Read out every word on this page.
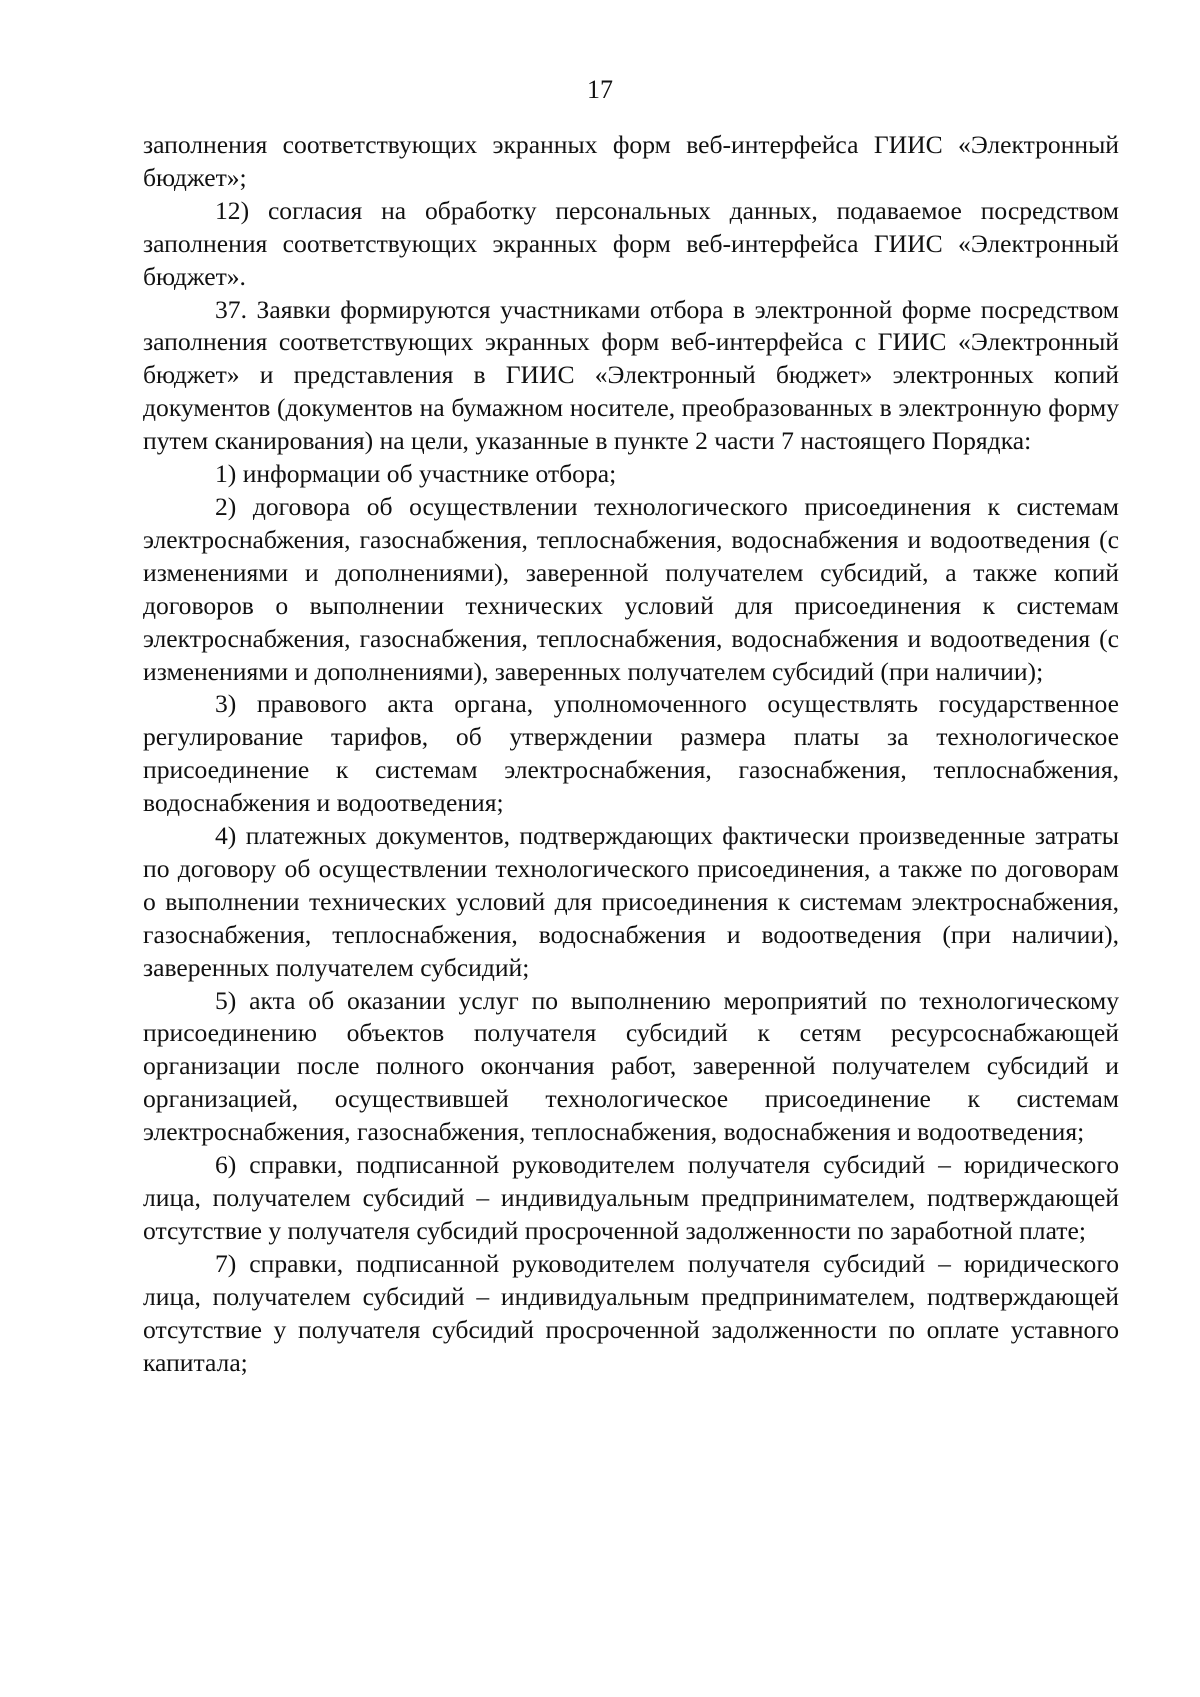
17

заполнения соответствующих экранных форм веб-интерфейса ГИИС «Электронный бюджет»;

12) согласия на обработку персональных данных, подаваемое посредством заполнения соответствующих экранных форм веб-интерфейса ГИИС «Электронный бюджет».

37. Заявки формируются участниками отбора в электронной форме посредством заполнения соответствующих экранных форм веб-интерфейса с ГИИС «Электронный бюджет» и представления в ГИИС «Электронный бюджет» электронных копий документов (документов на бумажном носителе, преобразованных в электронную форму путем сканирования) на цели, указанные в пункте 2 части 7 настоящего Порядка:

1) информации об участнике отбора;

2) договора об осуществлении технологического присоединения к системам электроснабжения, газоснабжения, теплоснабжения, водоснабжения и водоотведения (с изменениями и дополнениями), заверенной получателем субсидий, а также копий договоров о выполнении технических условий для присоединения к системам электроснабжения, газоснабжения, теплоснабжения, водоснабжения и водоотведения (с изменениями и дополнениями), заверенных получателем субсидий (при наличии);

3) правового акта органа, уполномоченного осуществлять государственное регулирование тарифов, об утверждении размера платы за технологическое присоединение к системам электроснабжения, газоснабжения, теплоснабжения, водоснабжения и водоотведения;

4) платежных документов, подтверждающих фактически произведенные затраты по договору об осуществлении технологического присоединения, а также по договорам о выполнении технических условий для присоединения к системам электроснабжения, газоснабжения, теплоснабжения, водоснабжения и водоотведения (при наличии), заверенных получателем субсидий;

5) акта об оказании услуг по выполнению мероприятий по технологическому присоединению объектов получателя субсидий к сетям ресурсоснабжающей организации после полного окончания работ, заверенной получателем субсидий и организацией, осуществившей технологическое присоединение к системам электроснабжения, газоснабжения, теплоснабжения, водоснабжения и водоотведения;

6) справки, подписанной руководителем получателя субсидий – юридического лица, получателем субсидий – индивидуальным предпринимателем, подтверждающей отсутствие у получателя субсидий просроченной задолженности по заработной плате;

7) справки, подписанной руководителем получателя субсидий – юридического лица, получателем субсидий – индивидуальным предпринимателем, подтверждающей отсутствие у получателя субсидий просроченной задолженности по оплате уставного капитала;
